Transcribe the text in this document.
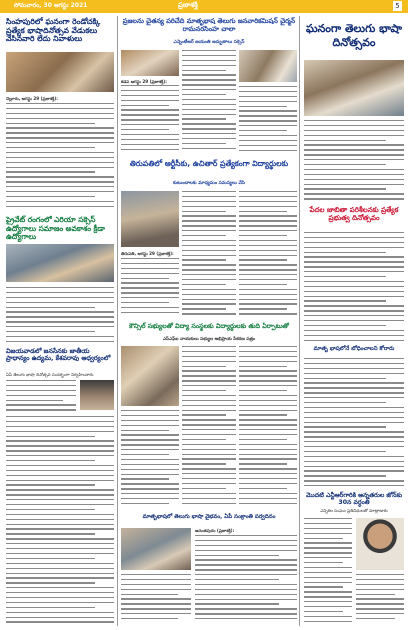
సోమవారం, 30 ఆగస్టు 2021	ప్రజాశక్తి	5
సింహపురిలో ఘనంగా రెండోచక్కి ప్రత్యేక భాషాదినోత్సవ వేడుకలు వేసినవారి లేదు నివాళులు
నెల్లూరు, ఆగస్టు 29 (ప్రజాశక్తి):
ప్రైవేట్ రంగంలో ఎరియా సక్సెస్ ఉద్యోగాలు సమాజం అవకాశం క్రీడా ఉద్యోగాలు
విజయవాడలో జనసేనకు జాతీయ ప్రాధాన్యం ఉద్యమ, కేశవరావు ఆధ్వర్యంలో
ఏపీ తెలుగు భాషా దినోత్సవ సందర్భంగా నిర్వహించారు
ప్రజలను చైతన్య పరిచేది మాతృభాష తెలుగు జనవారికమిషన్ చైర్మన్ రామనరసింహ చాలా
ఎన్నెంటీఆర్ జయంతి అద్భుతాలు సక్సెస్
కడప ఆగస్టు 29 (ప్రజాశక్తి):
తిరుపతిలో ఆర్టీసీకు, ఉచితార్ ప్రత్యేకంగా విద్యార్థులకు
కుటుంబాలకు మాధ్యమం సమస్యలు వేసి
తిరుపతి, ఆగస్టు 29 (ప్రజాశక్తి):
కౌన్సిల్ సభ్యులతో విద్యా సంస్థలకు విద్యార్థులకు తుది ఏర్పాటుతో
ఎస్ఎఫ్ఐ నాయకులు సభ్యుల అభిప్రాయ సేకరణ పత్రం
మాతృభాషలో తెలుగు భాషా వైభవం, ఏపీ సంక్రాంతి పర్వదినం
అనంతపురం (ప్రజాశక్తి):
ఘనంగా తెలుగు భాషా దినోత్సవం
పేదల జాబితా పరిశీలనకు ప్రత్యేక ప్రభుత్వ దినోత్సవం
మాతృ భాషలోనే బోధించాలని కోరారు
మొదటి ఎన్టీఆర్‌గారికి అన్నతరుల జోన్‌కు 30న వర్ధంతి
ఎన్నికల సంఘం ప్రతినిధులతో మాట్లాడారు
